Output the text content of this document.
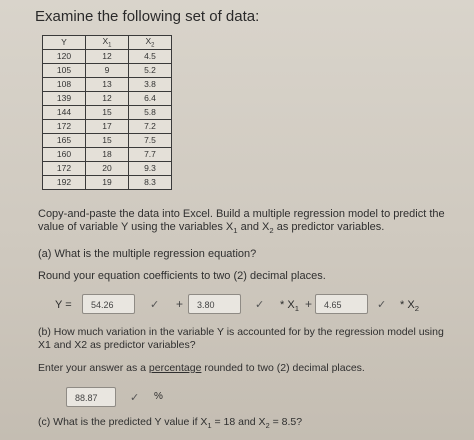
Examine the following set of data:
Y	$X_1$	$X_2$
120	12	4.5
105	9	5.2
108	13	3.8
139	12	6.4
144	15	5.8
172	17	7.2
165	15	7.5
160	18	7.7
172	20	9.3
192	19	8.3
Copy-and-paste the data into Excel. Build a multiple regression model to predict the value of variable Y using the variables $X_1$ and $X_2$ as predictor variables.
(a) What is the multiple regression equation?
Round your equation coefficients to two (2) decimal places.
Y =	54.26	✓ +	3.80	✓ * $X_1$ +	4.65	✓ * $X_2$
(b) How much variation in the variable Y is accounted for by the regression model using X1 and X2 as predictor variables?
Enter your answer as a percentage rounded to two (2) decimal places.
88.87	✓ %
(c) What is the predicted Y value if $X_1 = 18$ and $X_2 = 8.5$?
